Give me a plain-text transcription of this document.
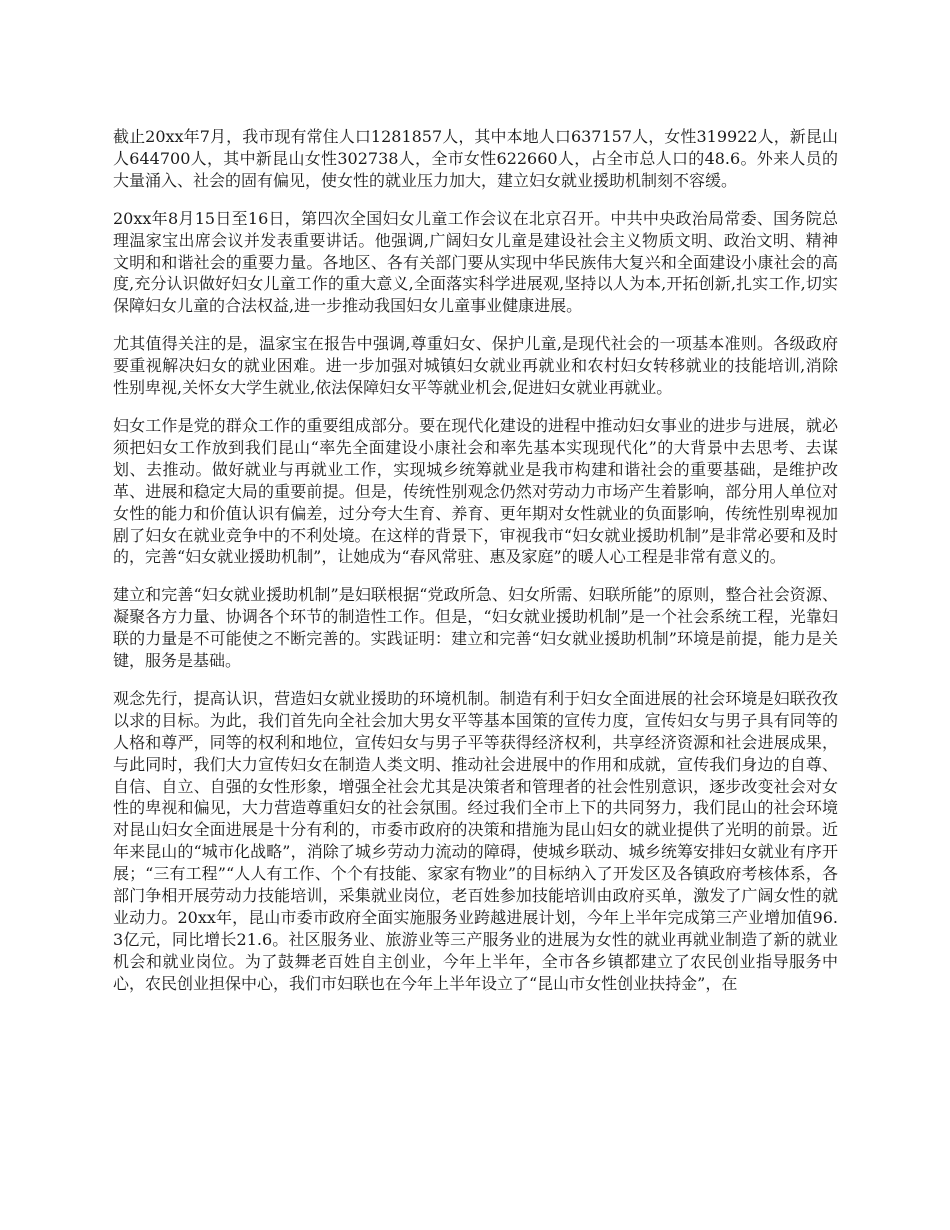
截止20xx年7月，我市现有常住人口1281857人，其中本地人口637157人，女性319922人，新昆山人644700人，其中新昆山女性302738人，全市女性622660人，占全市总人口的48.6。外来人员的大量涌入、社会的固有偏见，使女性的就业压力加大，建立妇女就业援助机制刻不容缓。

20xx年8月15日至16日，第四次全国妇女儿童工作会议在北京召开。中共中央政治局常委、国务院总理温家宝出席会议并发表重要讲话。他强调,广阔妇女儿童是建设社会主义物质文明、政治文明、精神文明和和谐社会的重要力量。各地区、各有关部门要从实现中华民族伟大复兴和全面建设小康社会的高度,充分认识做好妇女儿童工作的重大意义,全面落实科学进展观,坚持以人为本,开拓创新,扎实工作,切实保障妇女儿童的合法权益,进一步推动我国妇女儿童事业健康进展。

尤其值得关注的是，温家宝在报告中强调,尊重妇女、保护儿童,是现代社会的一项基本准则。各级政府要重视解决妇女的就业困难。进一步加强对城镇妇女就业再就业和农村妇女转移就业的技能培训,消除性别卑视,关怀女大学生就业,依法保障妇女平等就业机会,促进妇女就业再就业。

妇女工作是党的群众工作的重要组成部分。要在现代化建设的进程中推动妇女事业的进步与进展，就必须把妇女工作放到我们昆山“率先全面建设小康社会和率先基本实现现代化”的大背景中去思考、去谋划、去推动。做好就业与再就业工作，实现城乡统筹就业是我市构建和谐社会的重要基础，是维护改革、进展和稳定大局的重要前提。但是，传统性别观念仍然对劳动力市场产生着影响，部分用人单位对女性的能力和价值认识有偏差，过分夸大生育、养育、更年期对女性就业的负面影响，传统性别卑视加剧了妇女在就业竞争中的不利处境。在这样的背景下，审视我市“妇女就业援助机制”是非常必要和及时的，完善“妇女就业援助机制”，让她成为“春风常驻、惠及家庭”的暖人心工程是非常有意义的。

建立和完善“妇女就业援助机制”是妇联根据“党政所急、妇女所需、妇联所能”的原则，整合社会资源、凝聚各方力量、协调各个环节的制造性工作。但是，“妇女就业援助机制”是一个社会系统工程，光靠妇联的力量是不可能使之不断完善的。实践证明：建立和完善“妇女就业援助机制”环境是前提，能力是关键，服务是基础。

观念先行，提高认识，营造妇女就业援助的环境机制。制造有利于妇女全面进展的社会环境是妇联孜孜以求的目标。为此，我们首先向全社会加大男女平等基本国策的宣传力度，宣传妇女与男子具有同等的人格和尊严，同等的权利和地位，宣传妇女与男子平等获得经济权利，共享经济资源和社会进展成果，与此同时，我们大力宣传妇女在制造人类文明、推动社会进展中的作用和成就，宣传我们身边的自尊、自信、自立、自强的女性形象，增强全社会尤其是决策者和管理者的社会性别意识，逐步改变社会对女性的卑视和偏见，大力营造尊重妇女的社会氛围。经过我们全市上下的共同努力，我们昆山的社会环境对昆山妇女全面进展是十分有利的，市委市政府的决策和措施为昆山妇女的就业提供了光明的前景。近年来昆山的“城市化战略”，消除了城乡劳动力流动的障碍，使城乡联动、城乡统筹安排妇女就业有序开展；“三有工程”“人人有工作、个个有技能、家家有物业”的目标纳入了开发区及各镇政府考核体系，各部门争相开展劳动力技能培训，采集就业岗位，老百姓参加技能培训由政府买单，激发了广阔女性的就业动力。20xx年，昆山市委市政府全面实施服务业跨越进展计划，今年上半年完成第三产业增加值96.3亿元，同比增长21.6。社区服务业、旅游业等三产服务业的进展为女性的就业再就业制造了新的就业机会和就业岗位。为了鼓舞老百姓自主创业，今年上半年，全市各乡镇都建立了农民创业指导服务中心，农民创业担保中心，我们市妇联也在今年上半年设立了“昆山市女性创业扶持金”，在
